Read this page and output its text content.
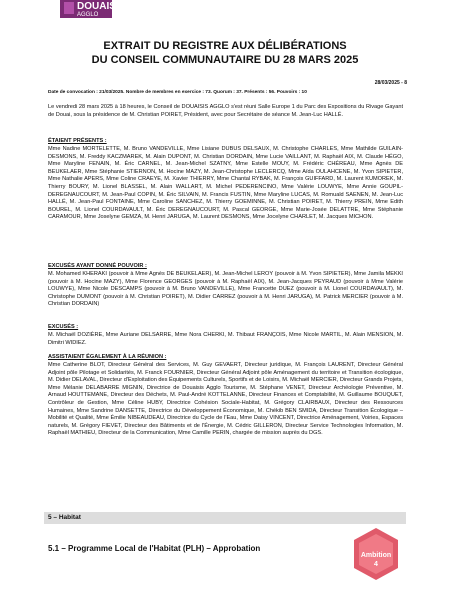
DOUAISIS
AGGLO
EXTRAIT DU REGISTRE AUX DÉLIBÉRATIONS
DU CONSEIL COMMUNAUTAIRE DU 28 MARS 2025
28/03/2025 - 8
Date de convocation : 21/03/2025. Nombre de membres en exercice : 73. Quorum : 37. Présents : 56. Pouvoirs : 10
Le vendredi 28 mars 2025 à 18 heures, le Conseil de DOUAISIS AGGLO s'est réuni Salle Europe 1 du Parc des Expositions du Rivage Gayant de Douai, sous la présidence de M. Christian POIRET, Président, avec pour Secrétaire de séance M. Jean-Luc HALLÉ.
ÉTAIENT PRÉSENTS :
Mme Nadine MORTELETTE, M. Bruno VANDEVILLE, Mme Lisiane DUBUS DELSAUX, M. Christophe CHARLES, Mme Mathilde GUILAIN-DESMONS, M. Freddy KACZMAREK, M. Alain DUPONT, M. Christian DORDAIN, Mme Lucie VAILLANT, M. Raphaël AIX, M. Claude HÉGO, Mme Maryline FENAIN, M. Éric CARNEL, M. Jean-Michel SZATNY, Mme Estelle MOUY, M. Frédéric CHÉREAU, Mme Agnès DE BEUKELAER, Mme Stéphanie STIERNON, M. Hocine MAZY, M. Jean-Christophe LECLERCQ, Mme Aïda OULAHCENE, M. Yvon SIPIETER, Mme Nathalie APERS, Mme Coline CRAEYE, M. Xavier THIERRY, Mme Chantal RYBAK, M. François GUIFFARD, M. Laurent KUMOREK, M. Thierry BOURY, M. Lionel BLASSEL, M. Alain WALLART, M. Michel PEDERENCINO, Mme Valérie LOUWYE, Mme Annie GOUPIL-DEREGNAUCOURT, M. Jean-Paul COPIN, M. Éric SILVAIN, M. Francis FUSTIN, Mme Maryline LUCAS, M. Romuald SAENEN, M. Jean-Luc HALLÉ, M. Jean-Paul FONTAINE, Mme Caroline SANCHEZ, M. Thierry GOEMINNE, M. Christian POIRET, M. Thierry PREIN, Mme Edith BOUREL, M. Lionel COURDAVAULT, M. Éric DEREGNAUCOURT, M. Pascal GEORGE, Mme Marie-Josée DELATTRE, Mme Stéphanie CARAMOUR, Mme Joselyne GEMZA, M. Henri JARUGA, M. Laurent DESMONS, Mme Jocelyne CHARLET, M. Jacques MICHON.
EXCUSÉS AYANT DONNÉ POUVOIR :
M. Mohamed KHERAKI (pouvoir à Mme Agnès DE BEUKELAER), M. Jean-Michel LEROY (pouvoir à M. Yvon SIPIETER), Mme Jamila MEKKI (pouvoir à M. Hocine MAZY), Mme Florence GEORGES (pouvoir à M. Raphaël AIX), M. Jean-Jacques PEYRAUD (pouvoir à Mme Valérie LOUWYE), Mme Nicole DESCAMPS (pouvoir à M. Bruno VANDEVILLE), Mme Francette DUEZ (pouvoir à M. Lionel COURDAVAULT), M. Christophe DUMONT (pouvoir à M. Christian POIRET), M. Didier CARREZ (pouvoir à M. Henri JARUGA), M. Patrick MERCIER (pouvoir à M. Christian DORDAIN)
EXCUSÉS :
M. Michaël DOZIÈRE, Mme Auriane DELSARRE, Mme Nora CHERKI, M. Thibaut FRANÇOIS, Mme Nicole MARTIL, M. Alain MENSION, M. Dimitri WIDIEZ.
ASSISTAIENT ÉGALEMENT À LA RÉUNION :
Mme Catherine BLOT, Directeur Général des Services, M. Guy GEVAERT, Directeur juridique, M. François LAURENT, Directeur Général Adjoint pôle Pilotage et Solidarités, M. Franck FOURNIER, Directeur Général Adjoint pôle Aménagement du territoire et Transition écologique, M. Didier DELAVAL, Directeur d'Exploitation des Équipements Culturels, Sportifs et de Loisirs, M. Michaël MERCIER, Directeur Grands Projets, Mme Mélanie DELABARRE MIGNIN, Directrice de Douaisis Agglo Tourisme, M. Stéphane VENET, Directeur Archéologie Préventive, M. Arnaud HOUTTEMANE, Directeur des Déchets, M. Paul-André KOTTELANNE, Directeur Finances et Comptabilité, M. Guillaume BOUQUET, Contrôleur de Gestion, Mme Céline HUBY, Directrice Cohésion Sociale-Habitat, M. Grégory CLAIRBAUX, Directeur des Ressources Humaines, Mme Sandrine DANSETTE, Directrice du Développement Économique, M. Chékib BEN SMIDA, Directeur Transition Écologique – Mobilité et Qualité, Mme Émilie NIBEAUDEAU, Directrice du Cycle de l'Eau, Mme Daisy VINCENT, Directrice Aménagement, Voiries, Espaces naturels, M. Grégory FIEVET, Directeur des Bâtiments et de l'Énergie, M. Cédric GILLERON, Directeur Service Technologies Information, M. Raphaël MATHIEU, Directeur de la Communication, Mme Camille PERIN, chargée de mission auprès du DGS.
5 – Habitat
5.1 – Programme Local de l'Habitat (PLH) – Approbation
Ambition
4
